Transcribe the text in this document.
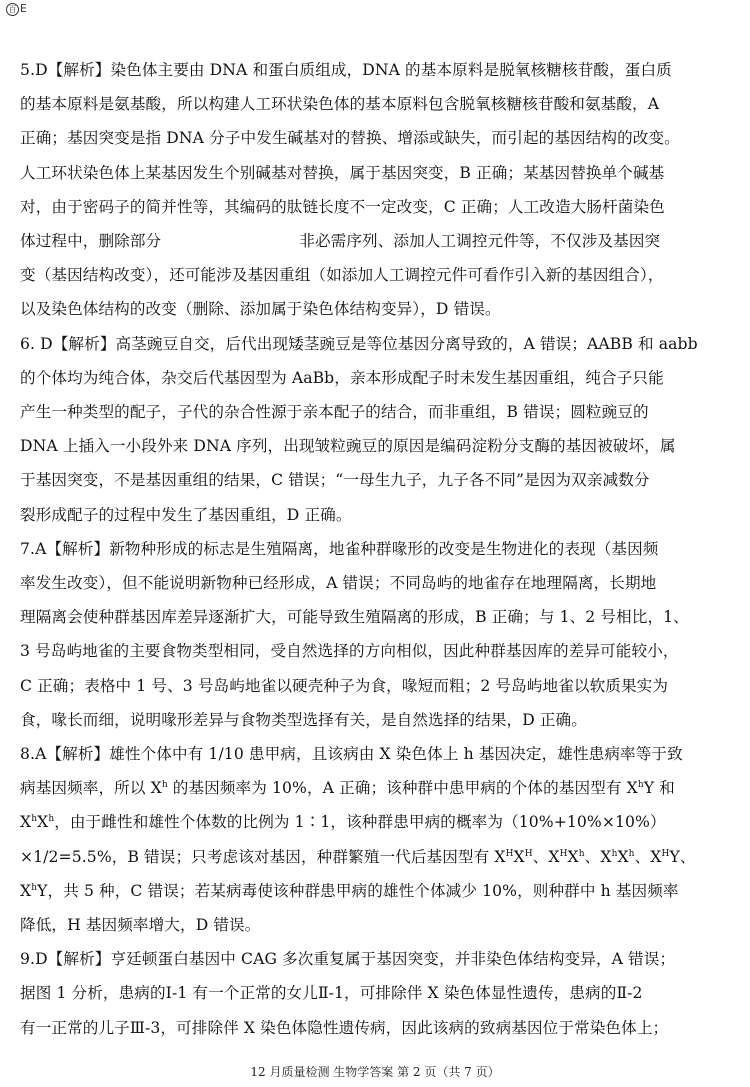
百 E
5.D【解析】染色体主要由 DNA 和蛋白质组成，DNA 的基本原料是脱氧核糖核苷酸，蛋白质
的基本原料是氨基酸，所以构建人工环状染色体的基本原料包含脱氧核糖核苷酸和氨基酸，A
正确；基因突变是指 DNA 分子中发生碱基对的替换、增添或缺失，而引起的基因结构的改变。
人工环状染色体上某基因发生个别碱基对替换，属于基因突变，B 正确；某基因替换单个碱基
对，由于密码子的简并性等，其编码的肽链长度不一定改变，C 正确；人工改造大肠杆菌染色
体过程中，删除部分	非必需序列、添加人工调控元件等，不仅涉及基因突
变（基因结构改变），还可能涉及基因重组（如添加人工调控元件可看作引入新的基因组合），
以及染色体结构的改变（删除、添加属于染色体结构变异），D 错误。
6. D【解析】高茎豌豆自交，后代出现矮茎豌豆是等位基因分离导致的，A 错误；AABB 和 aabb
的个体均为纯合体，杂交后代基因型为 AaBb，亲本形成配子时未发生基因重组，纯合子只能
产生一种类型的配子，子代的杂合性源于亲本配子的结合，而非重组，B 错误；圆粒豌豆的
DNA 上插入一小段外来 DNA 序列，出现皱粒豌豆的原因是编码淀粉分支酶的基因被破坏，属
于基因突变，不是基因重组的结果，C 错误；“一母生九子，九子各不同”是因为双亲减数分
裂形成配子的过程中发生了基因重组，D 正确。
7.A【解析】新物种形成的标志是生殖隔离，地雀种群喙形的改变是生物进化的表现（基因频
率发生改变），但不能说明新物种已经形成，A 错误；不同岛屿的地雀存在地理隔离，长期地
理隔离会使种群基因库差异逐渐扩大，可能导致生殖隔离的形成，B 正确；与 1、2 号相比，1、
3 号岛屿地雀的主要食物类型相同，受自然选择的方向相似，因此种群基因库的差异可能较小，
C 正确；表格中 1 号、3 号岛屿地雀以硬壳种子为食，喙短而粗；2 号岛屿地雀以软质果实为
食，喙长而细，说明喙形差异与食物类型选择有关，是自然选择的结果，D 正确。
8.A【解析】雄性个体中有 1/10 患甲病，且该病由 X 染色体上 h 基因决定，雄性患病率等于致
病基因频率，所以 $X^h$ 的基因频率为 10%，A 正确；该种群中患甲病的个体的基因型有 $X^hY$ 和
$X^hX^h$，由于雌性和雄性个体数的比例为 1∶1，该种群患甲病的概率为（10%+10%×10%）
×1/2=5.5%，B 错误；只考虑该对基因，种群繁殖一代后基因型有 $X^HX^H$、$X^HX^h$、$X^hX^h$、$X^HY$、
$X^hY$，共 5 种，C 错误；若某病毒使该种群患甲病的雄性个体减少 10%，则种群中 h 基因频率
降低，H 基因频率增大，D 错误。
9.D【解析】亨廷顿蛋白基因中 CAG 多次重复属于基因突变，并非染色体结构变异，A 错误；
据图 1 分析，患病的Ⅰ-1 有一个正常的女儿Ⅱ-1，可排除伴 X 染色体显性遗传，患病的Ⅱ-2
有一正常的儿子Ⅲ-3，可排除伴 X 染色体隐性遗传病，因此该病的致病基因位于常染色体上；
12 月质量检测 生物学答案 第 2 页（共 7 页）
